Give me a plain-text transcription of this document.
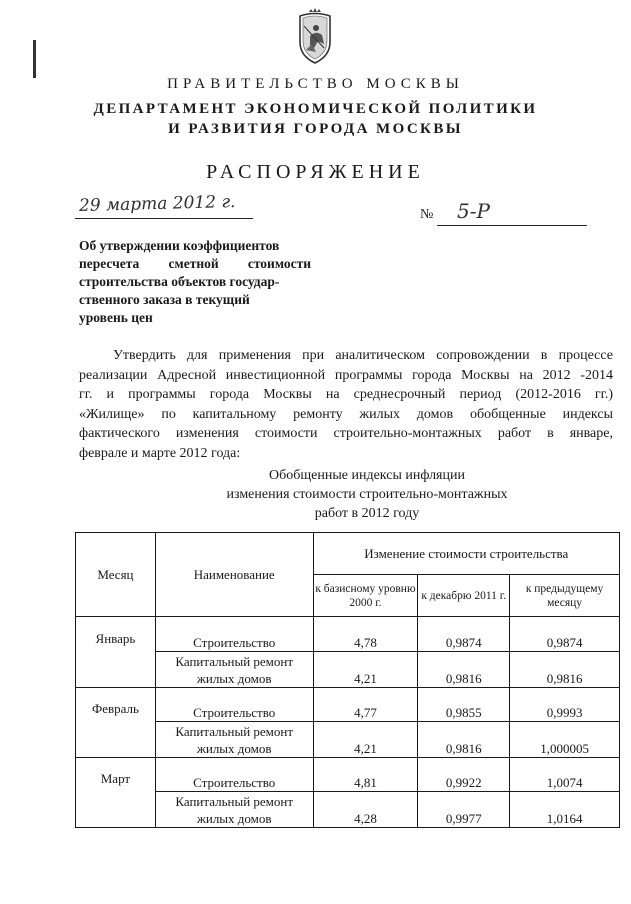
ПРАВИТЕЛЬСТВО МОСКВЫ
ДЕПАРТАМЕНТ ЭКОНОМИЧЕСКОЙ ПОЛИТИКИ
И РАЗВИТИЯ ГОРОДА МОСКВЫ
РАСПОРЯЖЕНИЕ
29 марта 2012 г.	№ 5-Р
Об утверждении коэффициентов
пересчета   сметной   стоимости
строительства объектов государ-
ственного заказа в текущий
уровень цен
Утвердить для применения при аналитическом сопровождении в процессе
реализации Адресной инвестиционной программы города Москвы на 2012 -2014
гг. и программы города Москвы на среднесрочный период (2012-2016 гг.)
«Жилище» по капитальному ремонту жилых домов обобщенные индексы
фактического изменения стоимости строительно-монтажных работ в январе,
феврале и марте 2012 года:
Обобщенные индексы инфляции
изменения стоимости строительно-монтажных
работ в 2012 году
Месяц	Наименование	Изменение стоимости строительства		
		к базисному уровню 2000 г.	к декабрю 2011 г.	к предыдущему месяцу
Январь	Строительство	4,78	0,9874	0,9874
	Капитальный ремонт жилых домов	4,21	0,9816	0,9816
Февраль	Строительство	4,77	0,9855	0,9993
	Капитальный ремонт жилых домов	4,21	0,9816	1,000005
Март	Строительство	4,81	0,9922	1,0074
	Капитальный ремонт жилых домов	4,28	0,9977	1,0164
